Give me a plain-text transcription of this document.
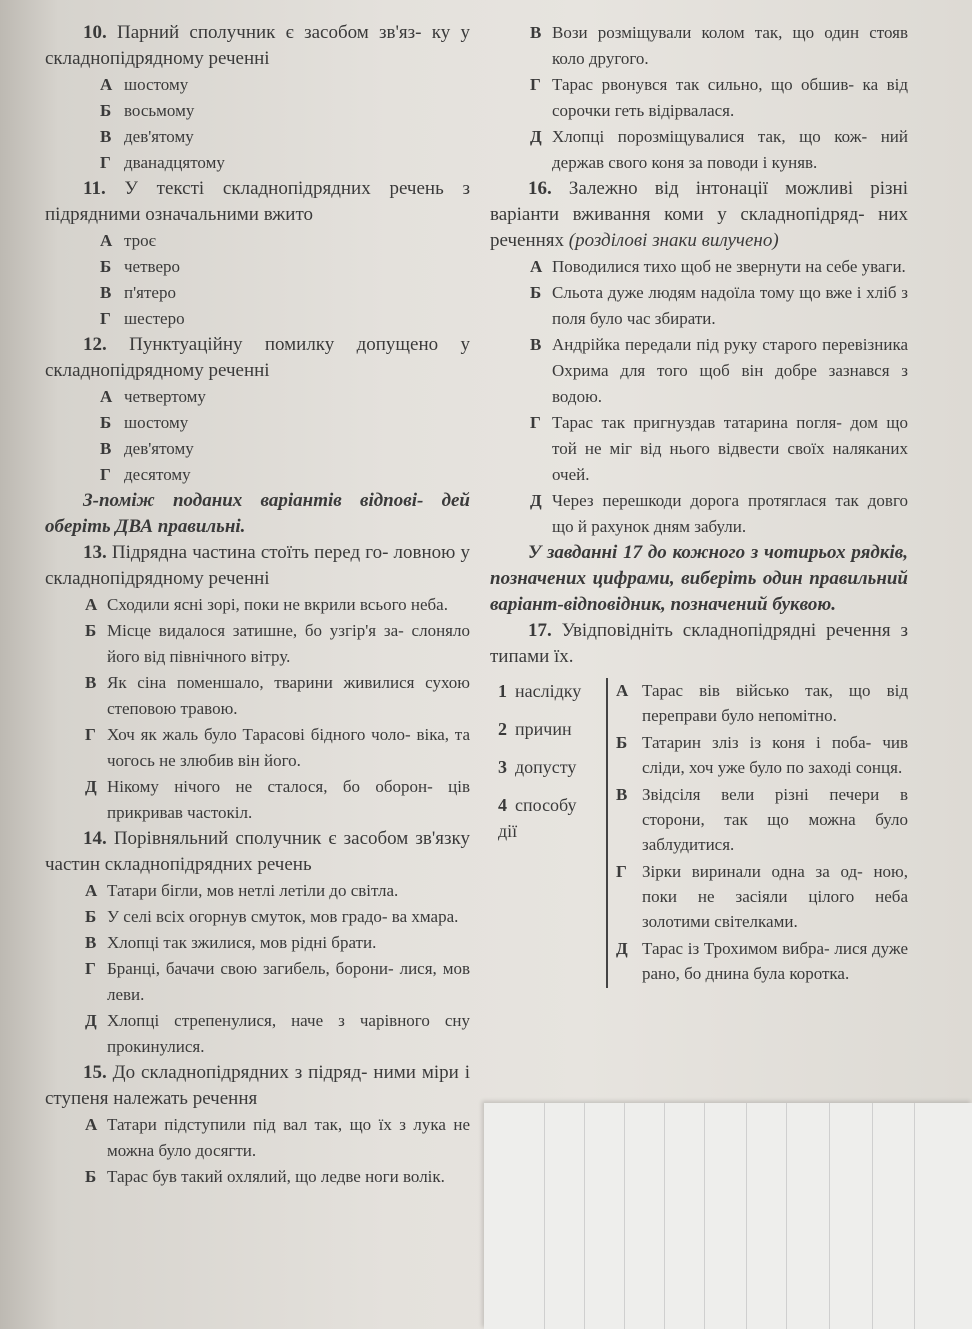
10. Парний сполучник є засобом зв'яз- ку у складнопідрядному реченні
А шостому
Б восьмому
В дев'ятому
Г дванадцятому
11. У тексті складнопідрядних речень з підрядними означальними вжито
А троє
Б четверо
В п'ятеро
Г шестеро
12. Пунктуаційну помилку допущено у складнопідрядному реченні
А четвертому
Б шостому
В дев'ятому
Г десятому
З-поміж поданих варіантів відпові- дей оберіть ДВА правильні.
13. Підрядна частина стоїть перед го- ловною у складнопідрядному реченні
А Сходили ясні зорі, поки не вкрили всього неба.
Б Місце видалося затишне, бо узгір'я за- слоняло його від північного вітру.
В Як сіна поменшало, тварини живилися сухою степовою травою.
Г Хоч як жаль було Тарасові бідного чоло- віка, та чогось не злюбив він його.
Д Нікому нічого не сталося, бо оборон- ців прикривав частокіл.
14. Порівняльний сполучник є засобом зв'язку частин складнопідрядних речень
А Татари бігли, мов нетлі летіли до світла.
Б У селі всіх огорнув смуток, мов градо- ва хмара.
В Хлопці так зжилися, мов рідні брати.
Г Бранці, бачачи свою загибель, борони- лися, мов леви.
Д Хлопці стрепенулися, наче з чарівного сну прокинулися.
15. До складнопідрядних з підряд- ними міри і ступеня належать речення
А Татари підступили під вал так, що їх з лука не можна було досягти.
Б Тарас був такий охлялий, що ледве ноги волік.
В Вози розміщували колом так, що один стояв коло другого.
Г Тарас рвонувся так сильно, що обшив- ка від сорочки геть відірвалася.
Д Хлопці порозміщувалися так, що кож- ний держав свого коня за поводи і куняв.
16. Залежно від інтонації можливі різні варіанти вживання коми у складнопідряд- них реченнях (розділові знаки вилучено)
А Поводилися тихо щоб не звернути на себе уваги.
Б Сльота дуже людям надоїла тому що вже і хліб з поля було час збирати.
В Андрійка передали під руку старого перевізника Охрима для того щоб він добре зазнався з водою.
Г Тарас так пригнуздав татарина погля- дом що той не міг від нього відвести своїх наляканих очей.
Д Через перешкоди дорога протяглася так довго що й рахунок дням забули.
У завданні 17 до кожного з чотирьох рядків, позначених цифрами, виберіть один правильний варіант-відповідник, позначений буквою.
17. Увідповідніть складнопідрядні речення з типами їх.
1 наслідку
2 причин
3 допусту
4 способу дії
А Тарас вів військо так, що від переправи було непомітно.
Б Татарин зліз із коня і поба- чив сліди, хоч уже було по заході сонця.
В Звідсіля вели різні печери в сторони, так що можна було заблудитися.
Г Зірки виринали одна за од- ною, поки не засіяли цілого неба золотими світелками.
Д Тарас із Трохимом вибра- лися дуже рано, бо днина була коротка.
